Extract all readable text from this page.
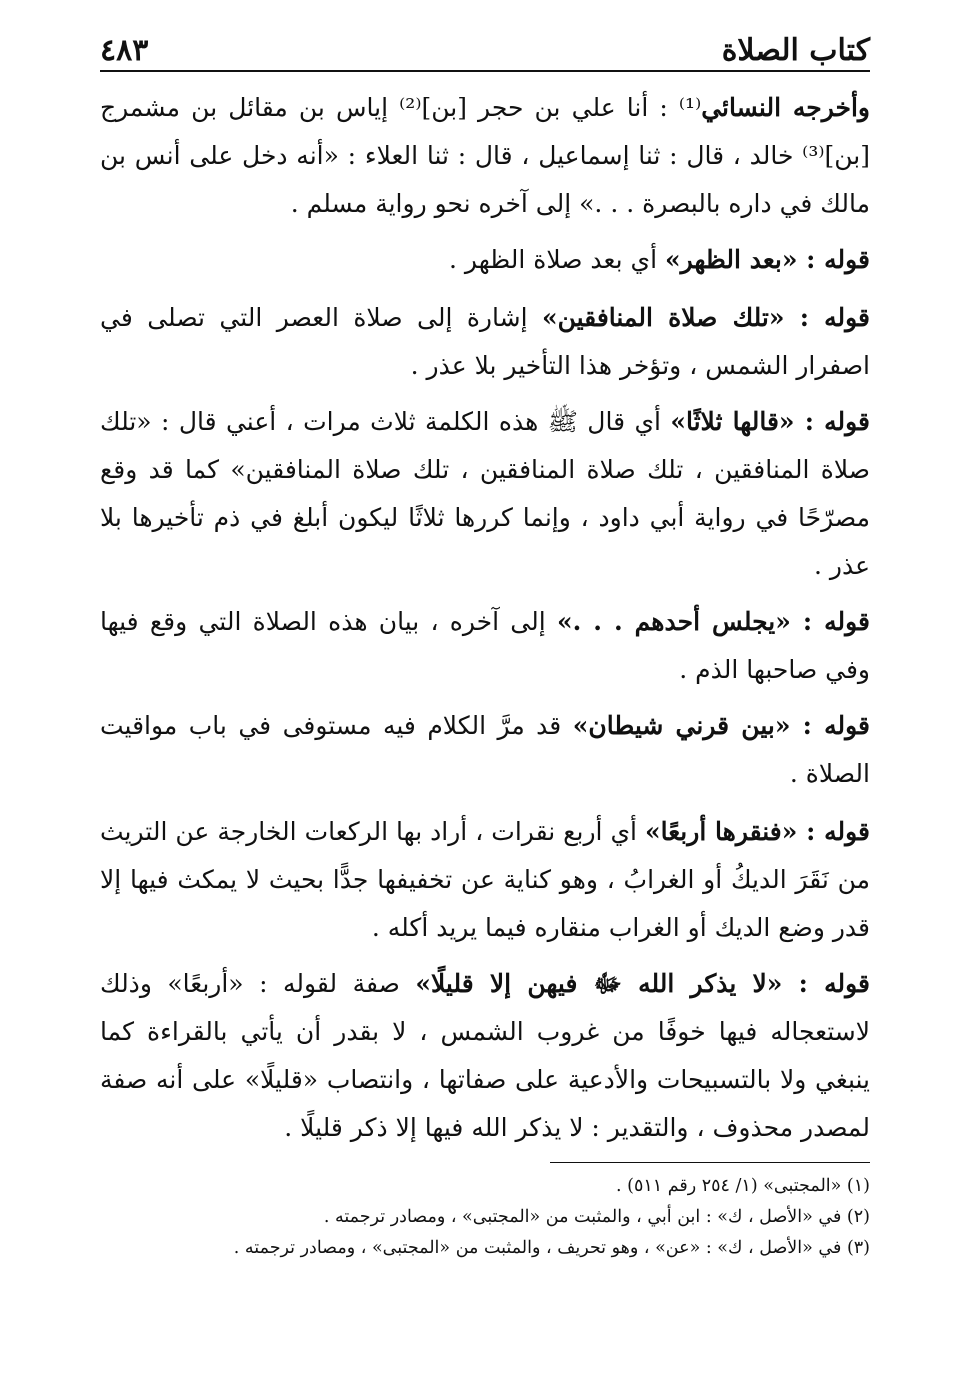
كتاب الصلاة
٤٨٣

وأخرجه النسائي⁽¹⁾ : أنا علي بن حجر [بن]⁽²⁾ إياس بن مقائل بن مشمرج [بن]⁽³⁾ خالد ، قال : ثنا إسماعيل ، قال : ثنا العلاء : «أنه دخل على أنس بن مالك في داره بالبصرة . . .» إلى آخره نحو رواية مسلم .

قوله : «بعد الظهر» أي بعد صلاة الظهر .

قوله : «تلك صلاة المنافقين» إشارة إلى صلاة العصر التي تصلى في اصفرار الشمس ، وتؤخر هذا التأخير بلا عذر .

قوله : «قالها ثلاثًا» أي قال ﷺ هذه الكلمة ثلاث مرات ، أعني قال : «تلك صلاة المنافقين ، تلك صلاة المنافقين ، تلك صلاة المنافقين» كما قد وقع مصرّحًا في رواية أبي داود ، وإنما كررها ثلاثًا ليكون أبلغ في ذم تأخيرها بلا عذر .

قوله : «يجلس أحدهم . . .» إلى آخره ، بيان هذه الصلاة التي وقع فيها وفي صاحبها الذم .

قوله : «بين قرني شيطان» قد مرَّ الكلام فيه مستوفى في باب مواقيت الصلاة .

قوله : «فنقرها أربعًا» أي أربع نقرات ، أراد بها الركعات الخارجة عن التريث من نَقَرَ الديكُ أو الغرابُ ، وهو كناية عن تخفيفها جدًّا بحيث لا يمكث فيها إلا قدر وضع الديك أو الغراب منقاره فيما يريد أكله .

قوله : «لا يذكر الله ﷻ فيهن إلا قليلًا» صفة لقوله : «أربعًا» وذلك لاستعجاله فيها خوفًا من غروب الشمس ، لا بقدر أن يأتي بالقراءة كما ينبغي ولا بالتسبيحات والأدعية على صفاتها ، وانتصاب «قليلًا» على أنه صفة لمصدر محذوف ، والتقدير : لا يذكر الله فيها إلا ذكر قليلًا .

(١) «المجتبى» (١/ ٢٥٤ رقم ٥١١) .

(٢) في «الأصل ، ك» : ابن أبي ، والمثبت من «المجتبى» ، ومصادر ترجمته .

(٣) في «الأصل ، ك» : «عن» ، وهو تحريف ، والمثبت من «المجتبى» ، ومصادر ترجمته .
